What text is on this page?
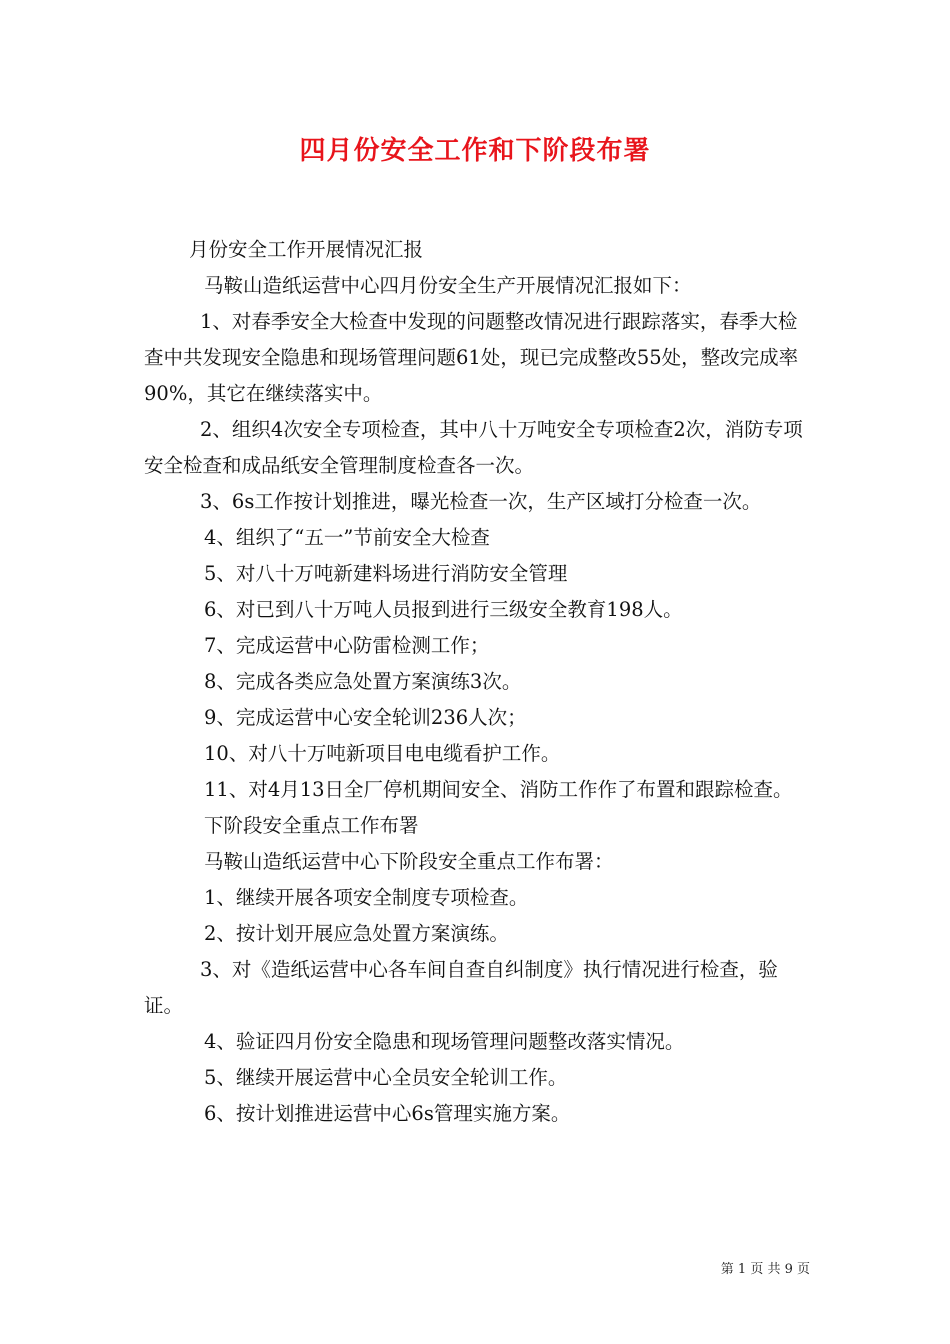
四月份安全工作和下阶段布署

月份安全工作开展情况汇报

马鞍山造纸运营中心四月份安全生产开展情况汇报如下：

1、对春季安全大检查中发现的问题整改情况进行跟踪落实，春季大检查中共发现安全隐患和现场管理问题61处，现已完成整改55处，整改完成率90%，其它在继续落实中。

2、组织4次安全专项检查，其中八十万吨安全专项检查2次，消防专项安全检查和成品纸安全管理制度检查各一次。

3、6s工作按计划推进，曝光检查一次，生产区域打分检查一次。

4、组织了“五一”节前安全大检查

5、对八十万吨新建料场进行消防安全管理

6、对已到八十万吨人员报到进行三级安全教育198人。

7、完成运营中心防雷检测工作；

8、完成各类应急处置方案演练3次。

9、完成运营中心安全轮训236人次；

10、对八十万吨新项目电电缆看护工作。

11、对4月13日全厂停机期间安全、消防工作作了布置和跟踪检查。

下阶段安全重点工作布署

马鞍山造纸运营中心下阶段安全重点工作布署：

1、继续开展各项安全制度专项检查。

2、按计划开展应急处置方案演练。

3、对《造纸运营中心各车间自查自纠制度》执行情况进行检查，验证。

4、验证四月份安全隐患和现场管理问题整改落实情况。

5、继续开展运营中心全员安全轮训工作。

6、按计划推进运营中心6s管理实施方案。

第 1 页 共 9 页
